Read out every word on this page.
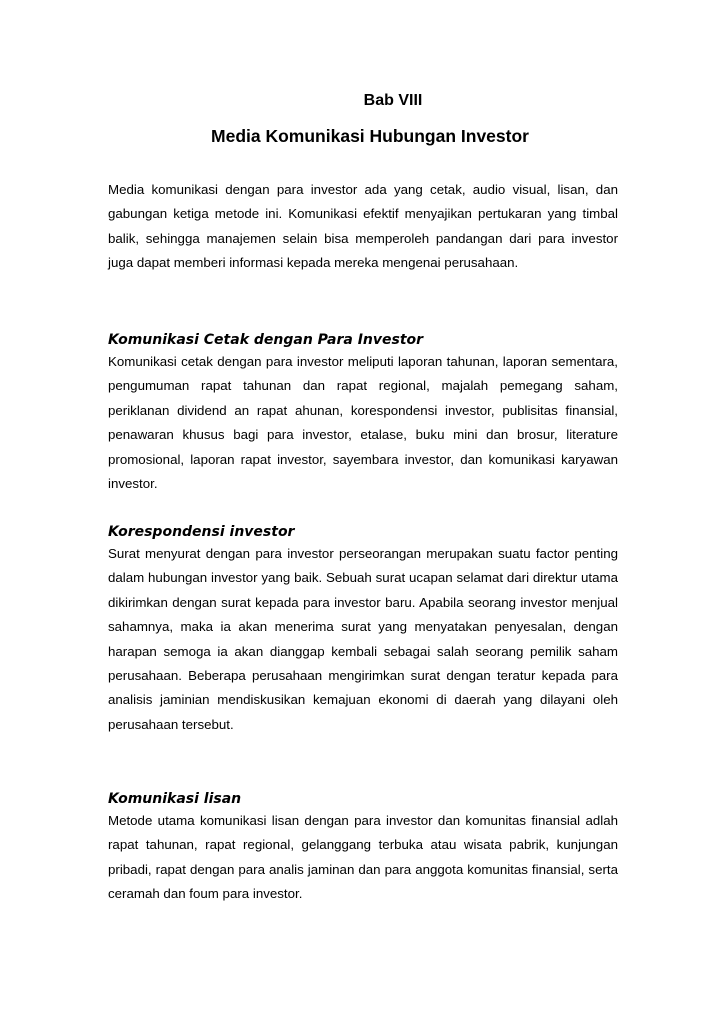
Bab VIII
Media Komunikasi Hubungan Investor

Media komunikasi dengan para investor ada yang cetak, audio visual, lisan, dan gabungan ketiga metode ini. Komunikasi efektif menyajikan pertukaran yang timbal balik, sehingga manajemen selain bisa memperoleh pandangan dari para investor juga dapat memberi informasi kepada mereka mengenai perusahaan.

Komunikasi Cetak dengan Para Investor

Komunikasi cetak dengan para investor meliputi laporan tahunan, laporan sementara, pengumuman rapat tahunan dan rapat regional, majalah pemegang saham, periklanan dividend an rapat ahunan, korespondensi investor, publisitas finansial, penawaran khusus bagi para investor, etalase, buku mini dan brosur, literature promosional, laporan rapat investor, sayembara investor, dan komunikasi karyawan investor.

Korespondensi investor

Surat menyurat dengan para investor perseorangan merupakan suatu factor penting dalam hubungan investor yang baik. Sebuah surat ucapan selamat dari direktur utama dikirimkan dengan surat kepada para investor baru. Apabila seorang investor menjual sahamnya, maka ia akan menerima surat yang menyatakan penyesalan, dengan harapan semoga ia akan dianggap kembali sebagai salah seorang pemilik saham perusahaan. Beberapa perusahaan mengirimkan surat dengan teratur kepada para analisis jaminian mendiskusikan kemajuan ekonomi di daerah yang dilayani oleh perusahaan tersebut.

Komunikasi lisan

Metode utama komunikasi lisan dengan para investor dan komunitas finansial adlah rapat tahunan, rapat regional, gelanggang terbuka atau wisata pabrik, kunjungan pribadi, rapat dengan para analis jaminan dan para anggota komunitas finansial, serta ceramah dan foum para investor.
